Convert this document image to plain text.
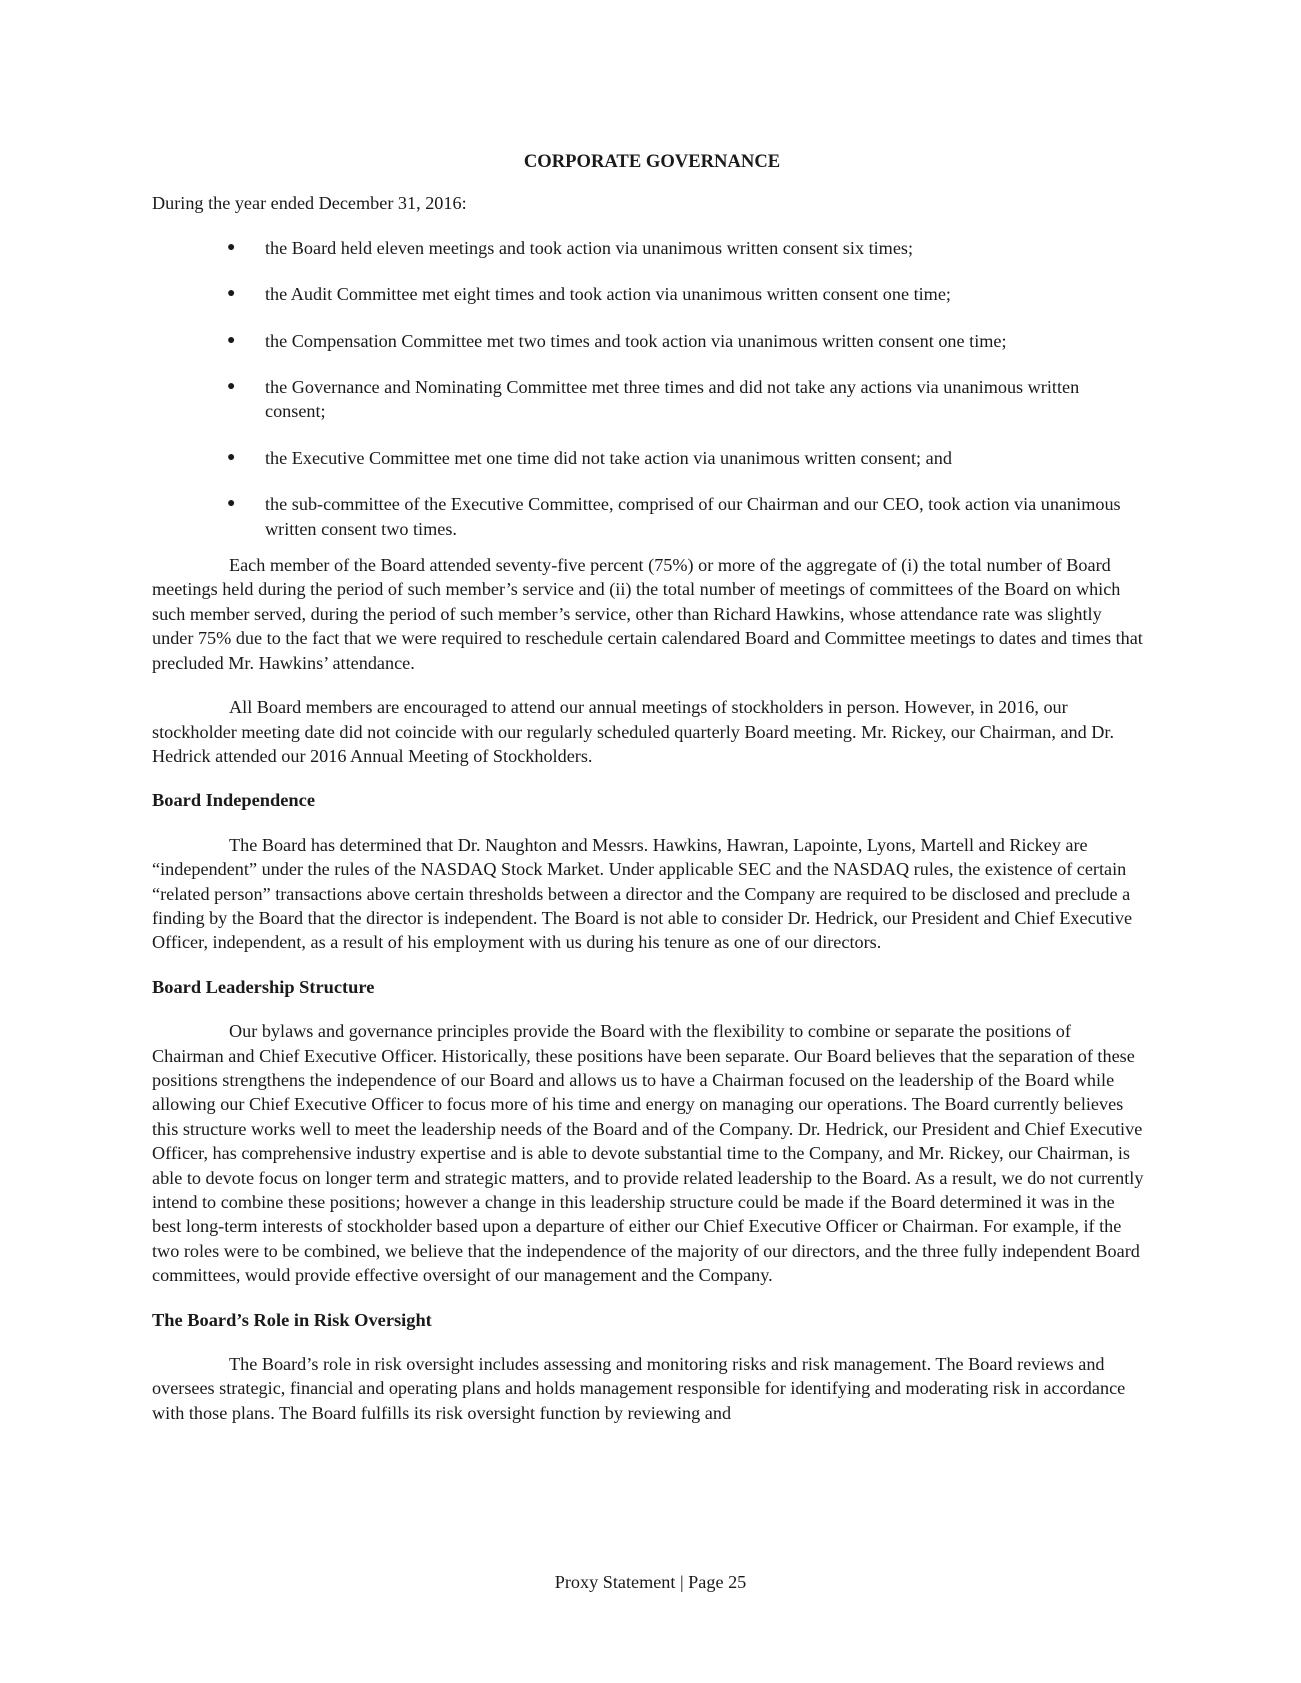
CORPORATE GOVERNANCE
During the year ended December 31, 2016:
● the Board held eleven meetings and took action via unanimous written consent six times;
● the Audit Committee met eight times and took action via unanimous written consent one time;
● the Compensation Committee met two times and took action via unanimous written consent one time;
● the Governance and Nominating Committee met three times and did not take any actions via unanimous written consent;
● the Executive Committee met one time did not take action via unanimous written consent; and
● the sub-committee of the Executive Committee, comprised of our Chairman and our CEO, took action via unanimous written consent two times.

Each member of the Board attended seventy-five percent (75%) or more of the aggregate of (i) the total number of Board meetings held during the period of such member’s service and (ii) the total number of meetings of committees of the Board on which such member served, during the period of such member’s service, other than Richard Hawkins, whose attendance rate was slightly under 75% due to the fact that we were required to reschedule certain calendared Board and Committee meetings to dates and times that precluded Mr. Hawkins’ attendance.

All Board members are encouraged to attend our annual meetings of stockholders in person. However, in 2016, our stockholder meeting date did not coincide with our regularly scheduled quarterly Board meeting. Mr. Rickey, our Chairman, and Dr. Hedrick attended our 2016 Annual Meeting of Stockholders.

Board Independence

The Board has determined that Dr. Naughton and Messrs. Hawkins, Hawran, Lapointe, Lyons, Martell and Rickey are “independent” under the rules of the NASDAQ Stock Market. Under applicable SEC and the NASDAQ rules, the existence of certain “related person” transactions above certain thresholds between a director and the Company are required to be disclosed and preclude a finding by the Board that the director is independent. The Board is not able to consider Dr. Hedrick, our President and Chief Executive Officer, independent, as a result of his employment with us during his tenure as one of our directors.

Board Leadership Structure

Our bylaws and governance principles provide the Board with the flexibility to combine or separate the positions of Chairman and Chief Executive Officer. Historically, these positions have been separate. Our Board believes that the separation of these positions strengthens the independence of our Board and allows us to have a Chairman focused on the leadership of the Board while allowing our Chief Executive Officer to focus more of his time and energy on managing our operations. The Board currently believes this structure works well to meet the leadership needs of the Board and of the Company. Dr. Hedrick, our President and Chief Executive Officer, has comprehensive industry expertise and is able to devote substantial time to the Company, and Mr. Rickey, our Chairman, is able to devote focus on longer term and strategic matters, and to provide related leadership to the Board. As a result, we do not currently intend to combine these positions; however a change in this leadership structure could be made if the Board determined it was in the best long-term interests of stockholder based upon a departure of either our Chief Executive Officer or Chairman. For example, if the two roles were to be combined, we believe that the independence of the majority of our directors, and the three fully independent Board committees, would provide effective oversight of our management and the Company.

The Board’s Role in Risk Oversight

The Board’s role in risk oversight includes assessing and monitoring risks and risk management. The Board reviews and oversees strategic, financial and operating plans and holds management responsible for identifying and moderating risk in accordance with those plans. The Board fulfills its risk oversight function by reviewing and

Proxy Statement | Page 25
